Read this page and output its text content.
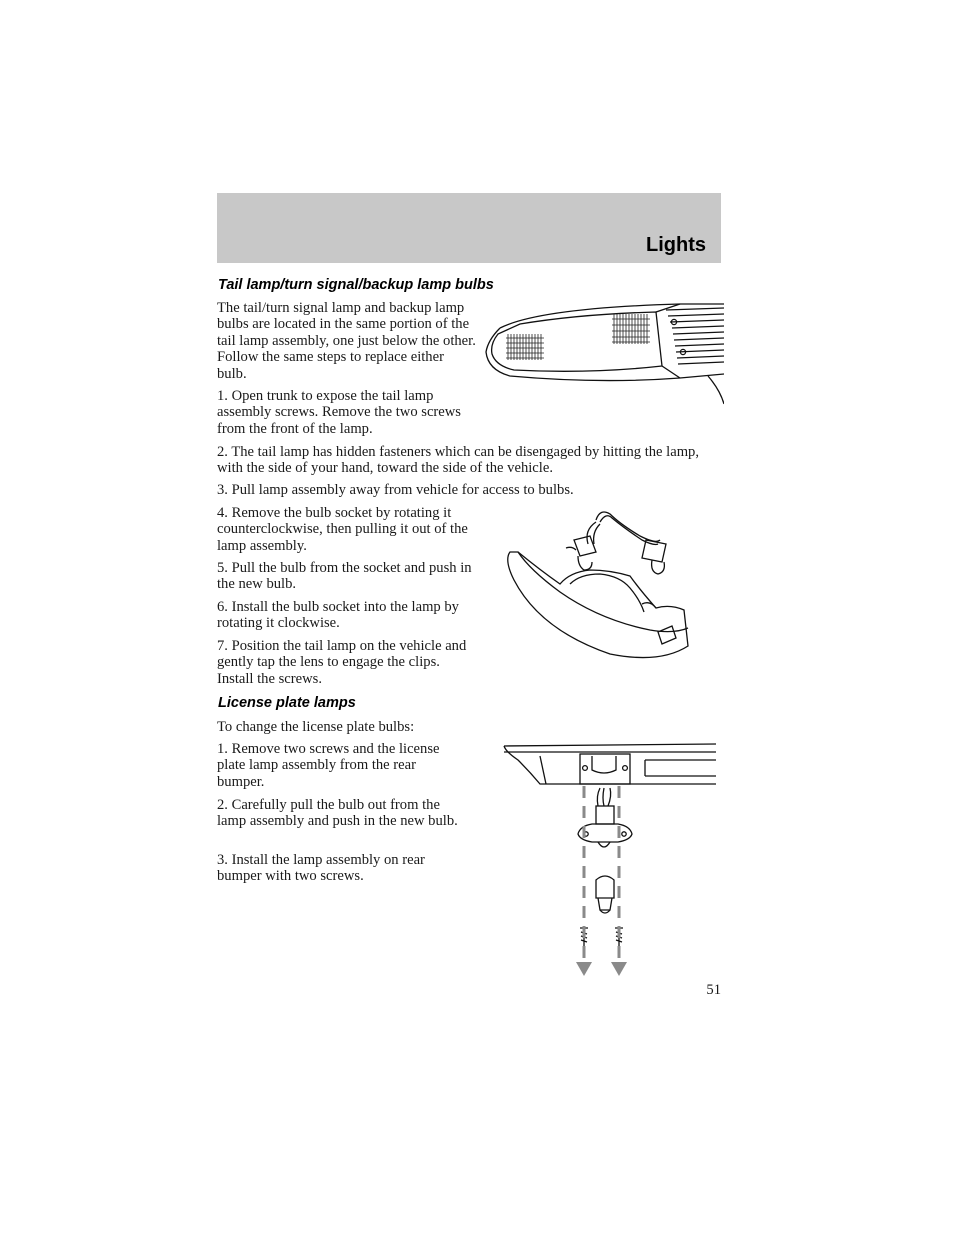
Lights
Tail lamp/turn signal/backup lamp bulbs

The tail/turn signal lamp and backup lamp bulbs are located in the same portion of the tail lamp assembly, one just below the other. Follow the same steps to replace either bulb.

1. Open trunk to expose the tail lamp assembly screws. Remove the two screws from the front of the lamp.

2. The tail lamp has hidden fasteners which can be disengaged by hitting the lamp, with the side of your hand, toward the side of the vehicle.

3. Pull lamp assembly away from vehicle for access to bulbs.

4. Remove the bulb socket by rotating it counterclockwise, then pulling it out of the lamp assembly.

5. Pull the bulb from the socket and push in the new bulb.

6. Install the bulb socket into the lamp by rotating it clockwise.

7. Position the tail lamp on the vehicle and gently tap the lens to engage the clips. Install the screws.

License plate lamps

To change the license plate bulbs:

1. Remove two screws and the license plate lamp assembly from the rear bumper.

2. Carefully pull the bulb out from the lamp assembly and push in the new bulb.

3. Install the lamp assembly on rear bumper with two screws.

51
